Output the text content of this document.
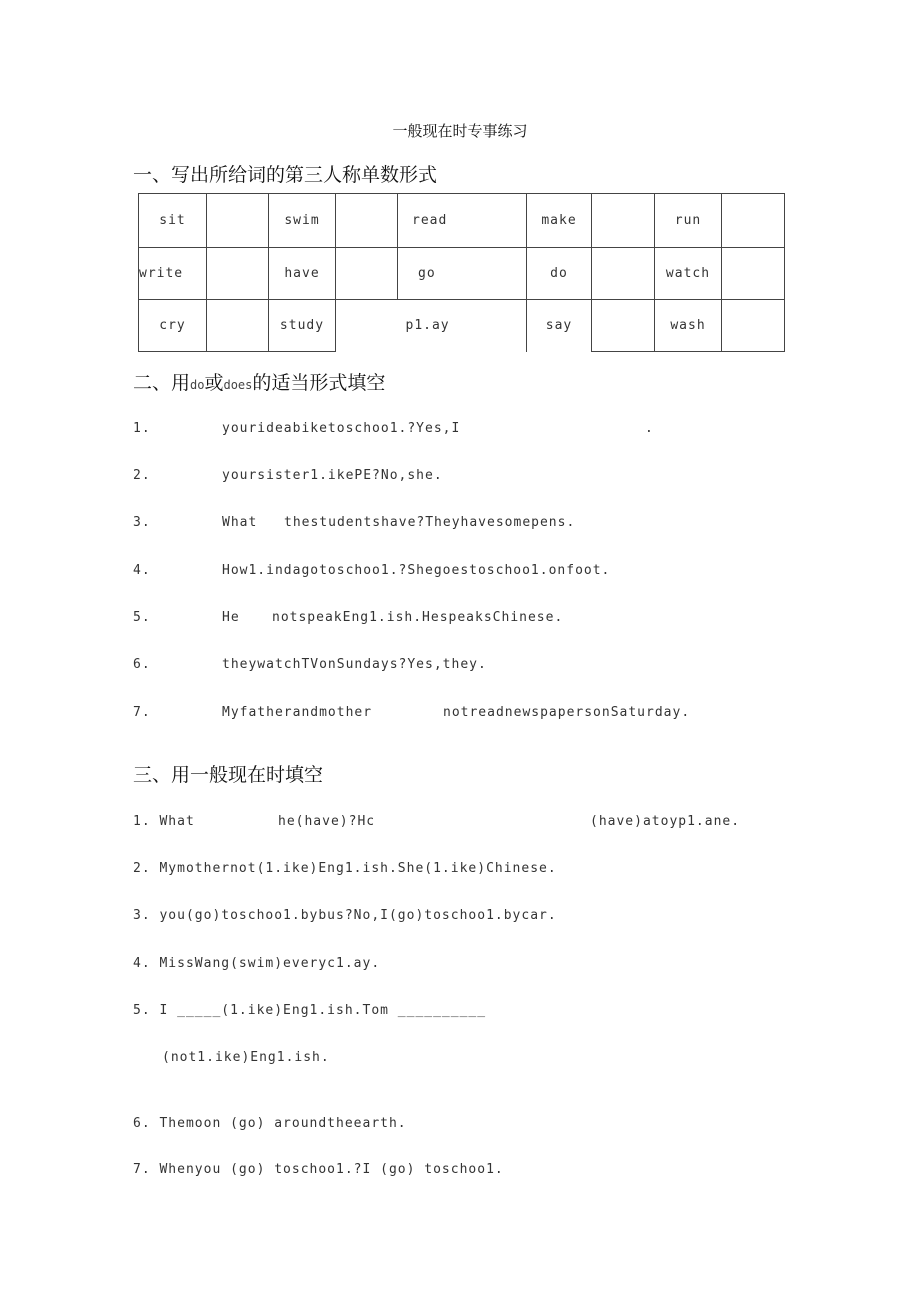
一般现在时专事练习
一、写出所给词的第三人称单数形式
sit		swim		read	make		run	
write		have		go	do		watch	
cry		study		p1.ay	say		wash	
二、用do或does的适当形式填空
1.	yourideabiketoschoo1.?Yes,I	.
2.	yoursister1.ikePE?No,she.
3.	What thestudentshave?Theyhavesomepens.
4.	How1.indagotoschoo1.?Shegoestoschoo1.onfoot.
5.	He notspeakEng1.ish.HespeaksChinese.
6.	theywatchTVonSundays?Yes,they.
7.	Myfatherandmother	notreadnewspapersonSaturday.
三、用一般现在时填空
1. What	he(have)?Hc	(have)atoyp1.ane.
2. Mymothernot(1.ike)Eng1.ish.She(1.ike)Chinese.
3. you(go)toschoo1.bybus?No,I(go)toschoo1.bycar.
4. MissWang(swim)everyc1.ay.
5. I _____(1.ike)Eng1.ish.Tom __________
(not1.ike)Eng1.ish.
6. Themoon (go) aroundtheearth.
7. Whenyou (go) toschoo1.?I (go) toschoo1.
